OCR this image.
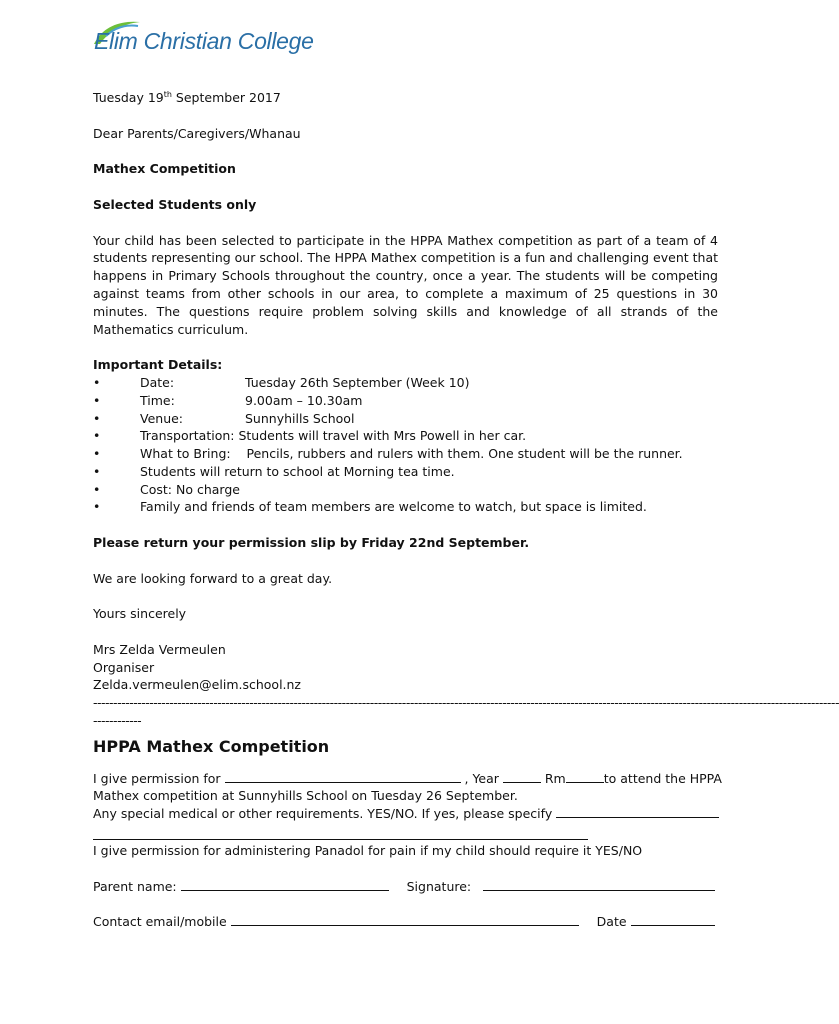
Elim Christian College

Tuesday 19th September 2017

Dear Parents/Caregivers/Whanau

Mathex Competition

Selected Students only

Your child has been selected to participate in the HPPA Mathex competition as part of a team of 4 students representing our school. The HPPA Mathex competition is a fun and challenging event that happens in Primary Schools throughout the country, once a year. The students will be competing against teams from other schools in our area, to complete a maximum of 25 questions in 30 minutes. The questions require problem solving skills and knowledge of all strands of the Mathematics curriculum.

Important Details:

•	Date:	Tuesday 26th September (Week 10)
•	Time:	9.00am – 10.30am
•	Venue:	Sunnyhills School
•	Transportation: Students will travel with Mrs Powell in her car.
•	What to Bring:    Pencils, rubbers and rulers with them. One student will be the runner.
•	Students will return to school at Morning tea time.
•	Cost: No charge
•	Family and friends of team members are welcome to watch, but space is limited.

Please return your permission slip by Friday 22nd September.

We are looking forward to a great day.

Yours sincerely

Mrs Zelda Vermeulen

Organiser

Zelda.vermeulen@elim.school.nz

------------------------------------------------------------------------------------------------------------------------------------------------------------------------------------------
------------
HPPA Mathex Competition
I give permission for	, Year	Rm	to attend the HPPA

Mathex competition at Sunnyhills School on Tuesday 26 September.

Any special medical or other requirements. YES/NO. If yes, please specify

I give permission for administering Panadol for pain if my child should require it YES/NO

Parent name:	Signature:
Contact email/mobile	Date
